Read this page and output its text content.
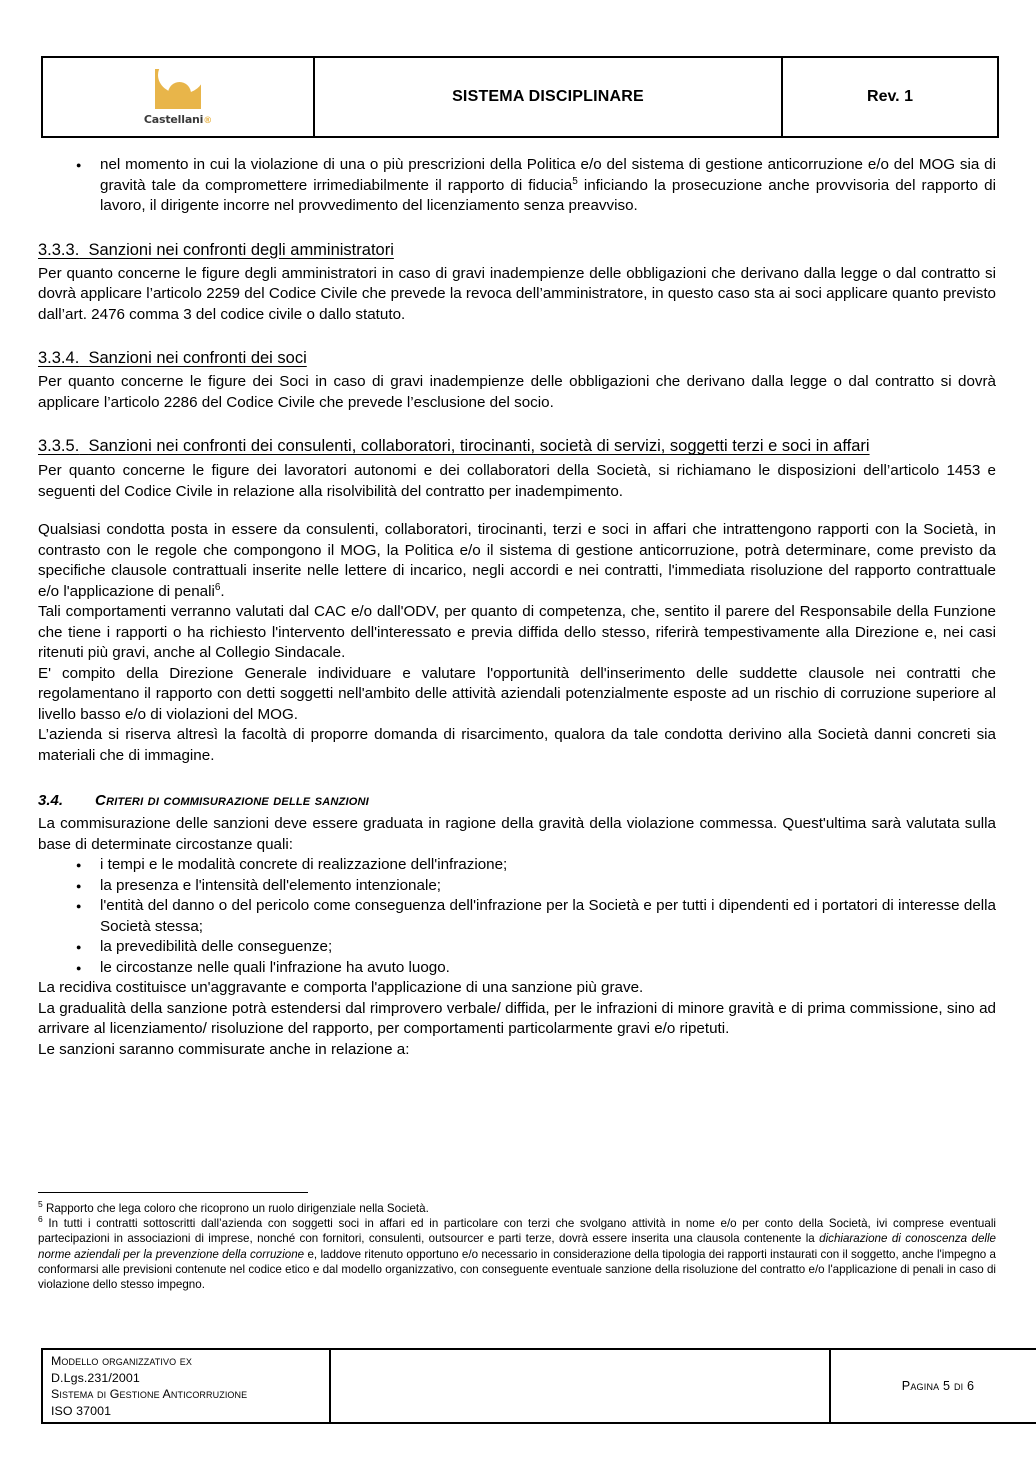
Castellani®

SISTEMA DISCIPLINARE	Rev. 1
● nel momento in cui la violazione di una o più prescrizioni della Politica e/o del sistema di gestione anticorruzione e/o del MOG sia di gravità tale da compromettere irrimediabilmente il rapporto di fiducia$^5$ inficiando la prosecuzione anche provvisoria del rapporto di lavoro, il dirigente incorre nel provvedimento del licenziamento senza preavviso.
3.3.3. Sanzioni nei confronti degli amministratori

Per quanto concerne le figure degli amministratori in caso di gravi inadempienze delle obbligazioni che derivano dalla legge o dal contratto si dovrà applicare l’articolo 2259 del Codice Civile che prevede la revoca dell’amministratore, in questo caso sta ai soci applicare quanto previsto dall’art. 2476 comma 3 del codice civile o dallo statuto.

3.3.4. Sanzioni nei confronti dei soci

Per quanto concerne le figure dei Soci in caso di gravi inadempienze delle obbligazioni che derivano dalla legge o dal contratto si dovrà applicare l’articolo 2286 del Codice Civile che prevede l’esclusione del socio.

3.3.5. Sanzioni nei confronti dei consulenti, collaboratori, tirocinanti, società di servizi, soggetti terzi e soci in affari

Per quanto concerne le figure dei lavoratori autonomi e dei collaboratori della Società, si richiamano le disposizioni dell’articolo 1453 e seguenti del Codice Civile in relazione alla risolvibilità del contratto per inadempimento.

Qualsiasi condotta posta in essere da consulenti, collaboratori, tirocinanti, terzi e soci in affari che intrattengono rapporti con la Società, in contrasto con le regole che compongono il MOG, la Politica e/o il sistema di gestione anticorruzione, potrà determinare, come previsto da specifiche clausole contrattuali inserite nelle lettere di incarico, negli accordi e nei contratti, l'immediata risoluzione del rapporto contrattuale e/o l'applicazione di penali$^6$.

Tali comportamenti verranno valutati dal CAC e/o dall'ODV, per quanto di competenza, che, sentito il parere del Responsabile della Funzione che tiene i rapporti o ha richiesto l'intervento dell'interessato e previa diffida dello stesso, riferirà tempestivamente alla Direzione e, nei casi ritenuti più gravi, anche al Collegio Sindacale.

E' compito della Direzione Generale individuare e valutare l'opportunità dell'inserimento delle suddette clausole nei contratti che regolamentano il rapporto con detti soggetti nell'ambito delle attività aziendali potenzialmente esposte ad un rischio di corruzione superiore al livello basso e/o di violazioni del MOG.

L’azienda si riserva altresì la facoltà di proporre domanda di risarcimento, qualora da tale condotta derivino alla Società danni concreti sia materiali che di immagine.

3.4. Criteri di commisurazione delle sanzioni

La commisurazione delle sanzioni deve essere graduata in ragione della gravità della violazione commessa. Quest'ultima sarà valutata sulla base di determinate circostanze quali:

● i tempi e le modalità concrete di realizzazione dell'infrazione;
● la presenza e l'intensità dell'elemento intenzionale;
● l'entità del danno o del pericolo come conseguenza dell'infrazione per la Società e per tutti i dipendenti ed i portatori di interesse della Società stessa;
● la prevedibilità delle conseguenze;
● le circostanze nelle quali l'infrazione ha avuto luogo.

La recidiva costituisce un'aggravante e comporta l'applicazione di una sanzione più grave.

La gradualità della sanzione potrà estendersi dal rimprovero verbale/ diffida, per le infrazioni di minore gravità e di prima commissione, sino ad arrivare al licenziamento/ risoluzione del rapporto, per comportamenti particolarmente gravi e/o ripetuti.

Le sanzioni saranno commisurate anche in relazione a:

$^5$ Rapporto che lega coloro che ricoprono un ruolo dirigenziale nella Società.

$^6$ In tutti i contratti sottoscritti dall’azienda con soggetti soci in affari ed in particolare con terzi che svolgano attività in nome e/o per conto della Società, ivi comprese eventuali partecipazioni in associazioni di imprese, nonché con fornitori, consulenti, outsourcer e parti terze, dovrà essere inserita una clausola contenente la dichiarazione di conoscenza delle norme aziendali per la prevenzione della corruzione e, laddove ritenuto opportuno e/o necessario in considerazione della tipologia dei rapporti instaurati con il soggetto, anche l'impegno a conformarsi alle previsioni contenute nel codice etico e dal modello organizzativo, con conseguente eventuale sanzione della risoluzione del contratto e/o l'applicazione di penali in caso di violazione dello stesso impegno.

Modello organizzativo ex
D.Lgs.231/2001
Sistema di Gestione Anticorruzione
ISO 37001

Pagina 5 di 6
